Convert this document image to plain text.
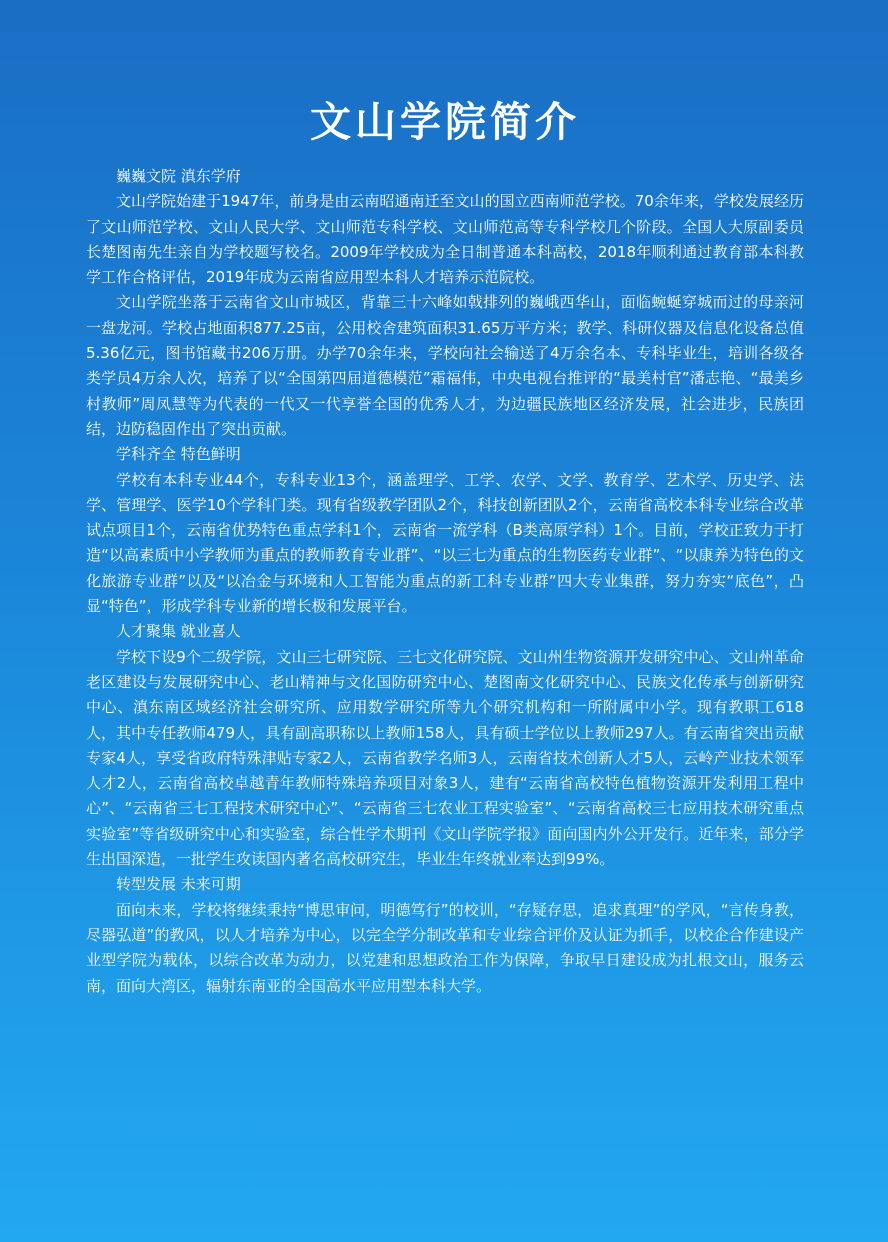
文山学院简介

巍巍文院 滇东学府

文山学院始建于1947年，前身是由云南昭通南迁至文山的国立西南师范学校。70余年来，学校发展经历了文山师范学校、文山人民大学、文山师范专科学校、文山师范高等专科学校几个阶段。全国人大原副委员长楚图南先生亲自为学校题写校名。2009年学校成为全日制普通本科高校，2018年顺利通过教育部本科教学工作合格评估，2019年成为云南省应用型本科人才培养示范院校。

文山学院坐落于云南省文山市城区，背靠三十六峰如戟排列的巍峨西华山，面临蜿蜒穿城而过的母亲河一盘龙河。学校占地面积877.25亩，公用校舍建筑面积31.65万平方米；教学、科研仪器及信息化设备总值5.36亿元，图书馆藏书206万册。办学70余年来，学校向社会输送了4万余名本、专科毕业生，培训各级各类学员4万余人次，培养了以“全国第四届道德模范”霜福伟，中央电视台推评的“最美村官”潘志艳、“最美乡村教师”周凤慧等为代表的一代又一代享誉全国的优秀人才，为边疆民族地区经济发展，社会进步，民族团结，边防稳固作出了突出贡献。

学科齐全 特色鲜明

学校有本科专业44个，专科专业13个，涵盖理学、工学、农学、文学、教育学、艺术学、历史学、法学、管理学、医学10个学科门类。现有省级教学团队2个，科技创新团队2个，云南省高校本科专业综合改革试点项目1个，云南省优势特色重点学科1个，云南省一流学科（B类高原学科）1个。目前，学校正致力于打造“以高素质中小学教师为重点的教师教育专业群”、“以三七为重点的生物医药专业群”、“以康养为特色的文化旅游专业群”以及“以冶金与环境和人工智能为重点的新工科专业群”四大专业集群，努力夯实“底色”，凸显“特色”，形成学科专业新的增长极和发展平台。

人才聚集 就业喜人

学校下设9个二级学院，文山三七研究院、三七文化研究院、文山州生物资源开发研究中心、文山州革命老区建设与发展研究中心、老山精神与文化国防研究中心、楚图南文化研究中心、民族文化传承与创新研究中心、滇东南区域经济社会研究所、应用数学研究所等九个研究机构和一所附属中小学。现有教职工618人，其中专任教师479人，具有副高职称以上教师158人，具有硕士学位以上教师297人。有云南省突出贡献专家4人，享受省政府特殊津贴专家2人，云南省教学名师3人，云南省技术创新人才5人，云岭产业技术领军人才2人，云南省高校卓越青年教师特殊培养项目对象3人，建有“云南省高校特色植物资源开发利用工程中心”、“云南省三七工程技术研究中心”、“云南省三七农业工程实验室”、“云南省高校三七应用技术研究重点实验室”等省级研究中心和实验室，综合性学术期刊《文山学院学报》面向国内外公开发行。近年来，部分学生出国深造，一批学生攻读国内著名高校研究生，毕业生年终就业率达到99%。

转型发展 未来可期

面向未来，学校将继续秉持“博思审问，明德笃行”的校训，“存疑存思，追求真理”的学风，“言传身教，尽器弘道”的教风，以人才培养为中心，以完全学分制改革和专业综合评价及认证为抓手，以校企合作建设产业型学院为载体，以综合改革为动力，以党建和思想政治工作为保障，争取早日建设成为扎根文山，服务云南，面向大湾区，辐射东南亚的全国高水平应用型本科大学。
